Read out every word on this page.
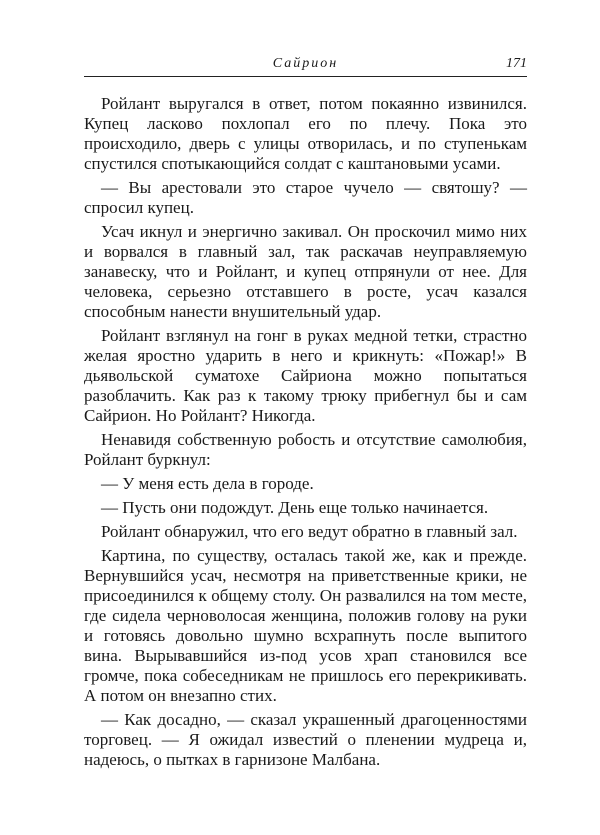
Сайрион	171

Ройлант выругался в ответ, потом покаянно извинился. Купец ласково похлопал его по плечу. Пока это происходило, дверь с улицы отворилась, и по ступенькам спустился спотыкающийся солдат с каштановыми усами.

— Вы арестовали это старое чучело — святошу? — спросил купец.

Усач икнул и энергично закивал. Он проскочил мимо них и ворвался в главный зал, так раскачав неуправляемую занавеску, что и Ройлант, и купец отпрянули от нее. Для человека, серьезно отставшего в росте, усач казался способным нанести внушительный удар.

Ройлант взглянул на гонг в руках медной тетки, страстно желая яростно ударить в него и крикнуть: «Пожар!» В дьявольской суматохе Сайриона можно попытаться разоблачить. Как раз к такому трюку прибегнул бы и сам Сайрион. Но Ройлант? Никогда.

Ненавидя собственную робость и отсутствие самолюбия, Ройлант буркнул:

— У меня есть дела в городе.

— Пусть они подождут. День еще только начинается.

Ройлант обнаружил, что его ведут обратно в главный зал.

Картина, по существу, осталась такой же, как и прежде. Вернувшийся усач, несмотря на приветственные крики, не присоединился к общему столу. Он развалился на том месте, где сидела черноволосая женщина, положив голову на руки и готовясь довольно шумно всхрапнуть после выпитого вина. Вырывавшийся из-под усов храп становился все громче, пока собеседникам не пришлось его перекрикивать. А потом он внезапно стих.

— Как досадно, — сказал украшенный драгоценностями торговец. — Я ожидал известий о пленении мудреца и, надеюсь, о пытках в гарнизоне Малбана.
